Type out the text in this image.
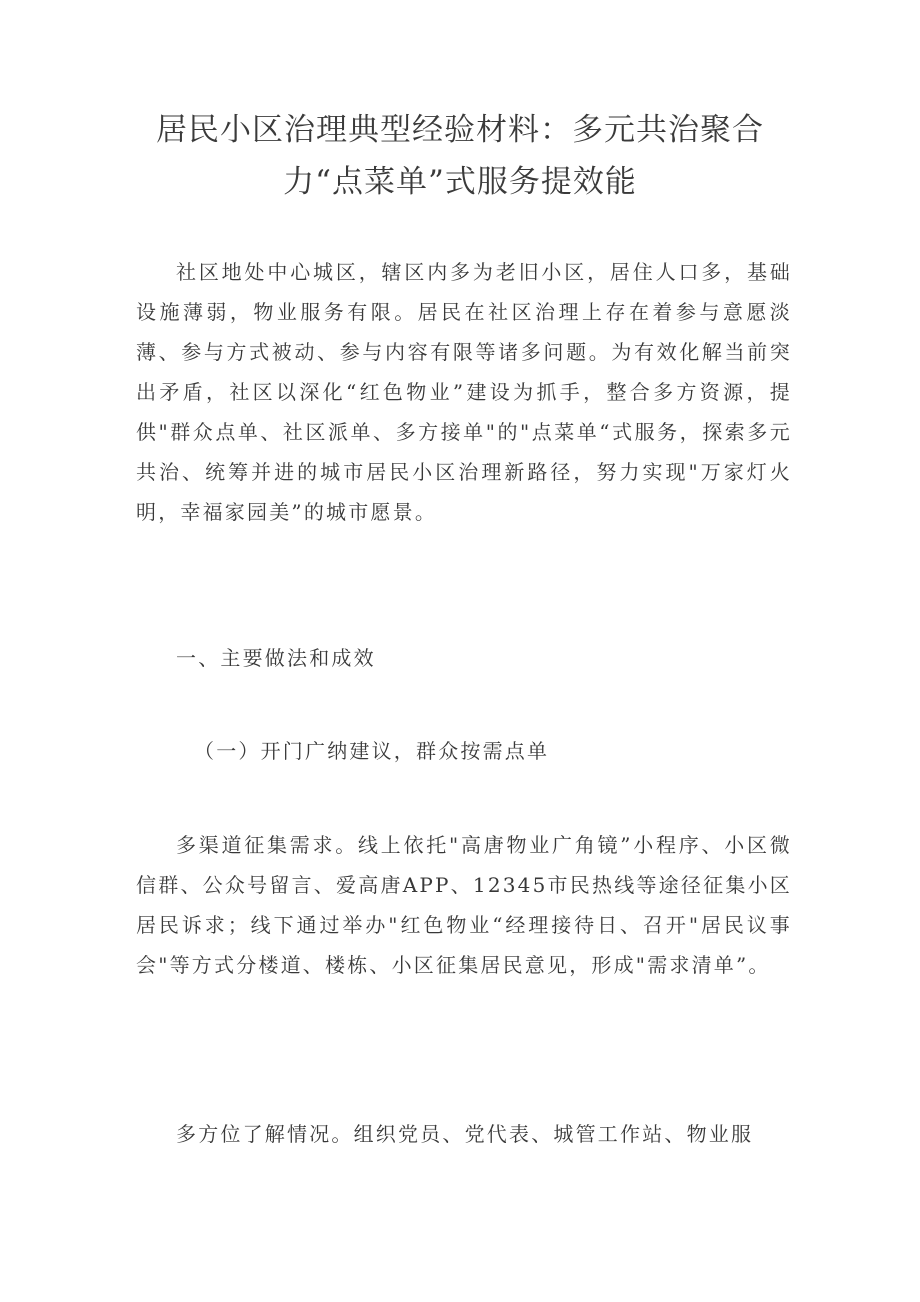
居民小区治理典型经验材料：多元共治聚合
力“点菜单”式服务提效能

社区地处中心城区，辖区内多为老旧小区，居住人口多，基础设施薄弱，物业服务有限。居民在社区治理上存在着参与意愿淡薄、参与方式被动、参与内容有限等诸多问题。为有效化解当前突出矛盾，社区以深化“红色物业”建设为抓手，整合多方资源，提供"群众点单、社区派单、多方接单"的"点菜单“式服务，探索多元共治、统筹并进的城市居民小区治理新路径，努力实现"万家灯火明，幸福家园美”的城市愿景。

一、主要做法和成效
（一）开门广纳建议，群众按需点单

多渠道征集需求。线上依托"高唐物业广角镜”小程序、小区微信群、公众号留言、爱高唐APP、12345市民热线等途径征集小区居民诉求；线下通过举办"红色物业“经理接待日、召开"居民议事会"等方式分楼道、楼栋、小区征集居民意见，形成"需求清单”。

多方位了解情况。组织党员、党代表、城管工作站、物业服
